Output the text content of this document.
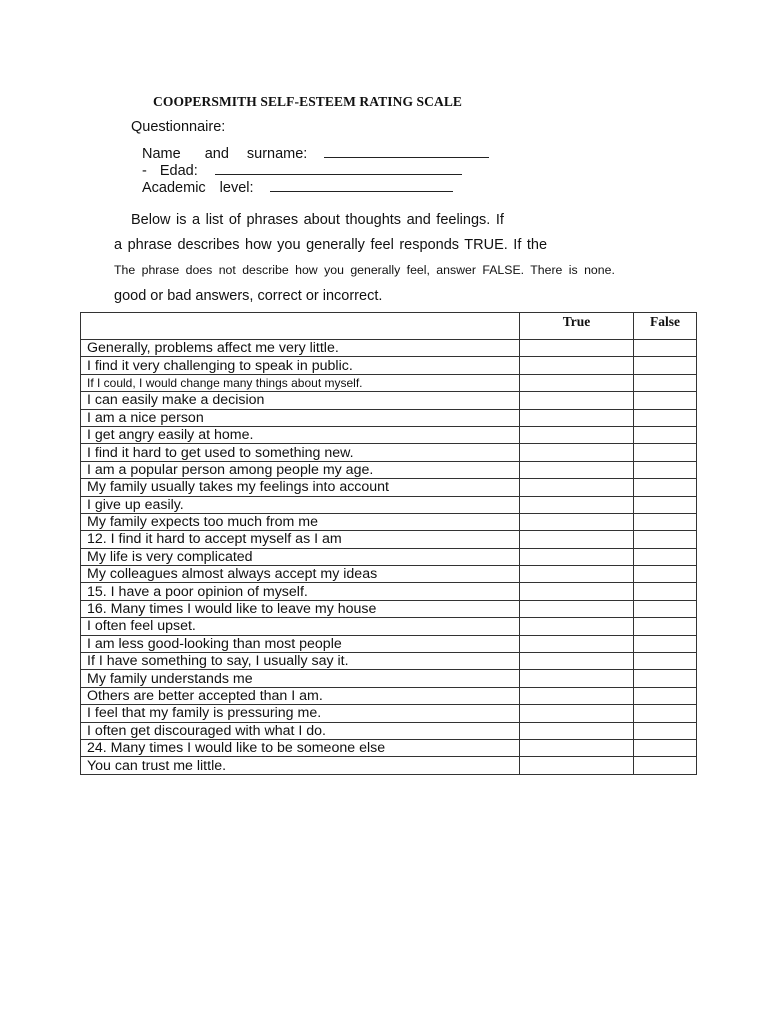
COOPERSMITH SELF-ESTEEM RATING SCALE
Questionnaire:
Name and surname:
- Edad:
Academic level:
Below is a list of phrases about thoughts and feelings. If
a phrase describes how you generally feel responds TRUE. If the
The phrase does not describe how you generally feel, answer FALSE. There is none.
good or bad answers, correct or incorrect.
	True	False
Generally, problems affect me very little.		
I find it very challenging to speak in public.		
If I could, I would change many things about myself.		
I can easily make a decision		
I am a nice person		
I get angry easily at home.		
I find it hard to get used to something new.		
I am a popular person among people my age.		
My family usually takes my feelings into account		
I give up easily.		
My family expects too much from me		
12. I find it hard to accept myself as I am		
My life is very complicated		
My colleagues almost always accept my ideas		
15. I have a poor opinion of myself.		
16. Many times I would like to leave my house		
I often feel upset.		
I am less good-looking than most people		
If I have something to say, I usually say it.		
My family understands me		
Others are better accepted than I am.		
I feel that my family is pressuring me.		
I often get discouraged with what I do.		
24. Many times I would like to be someone else		
You can trust me little.		
